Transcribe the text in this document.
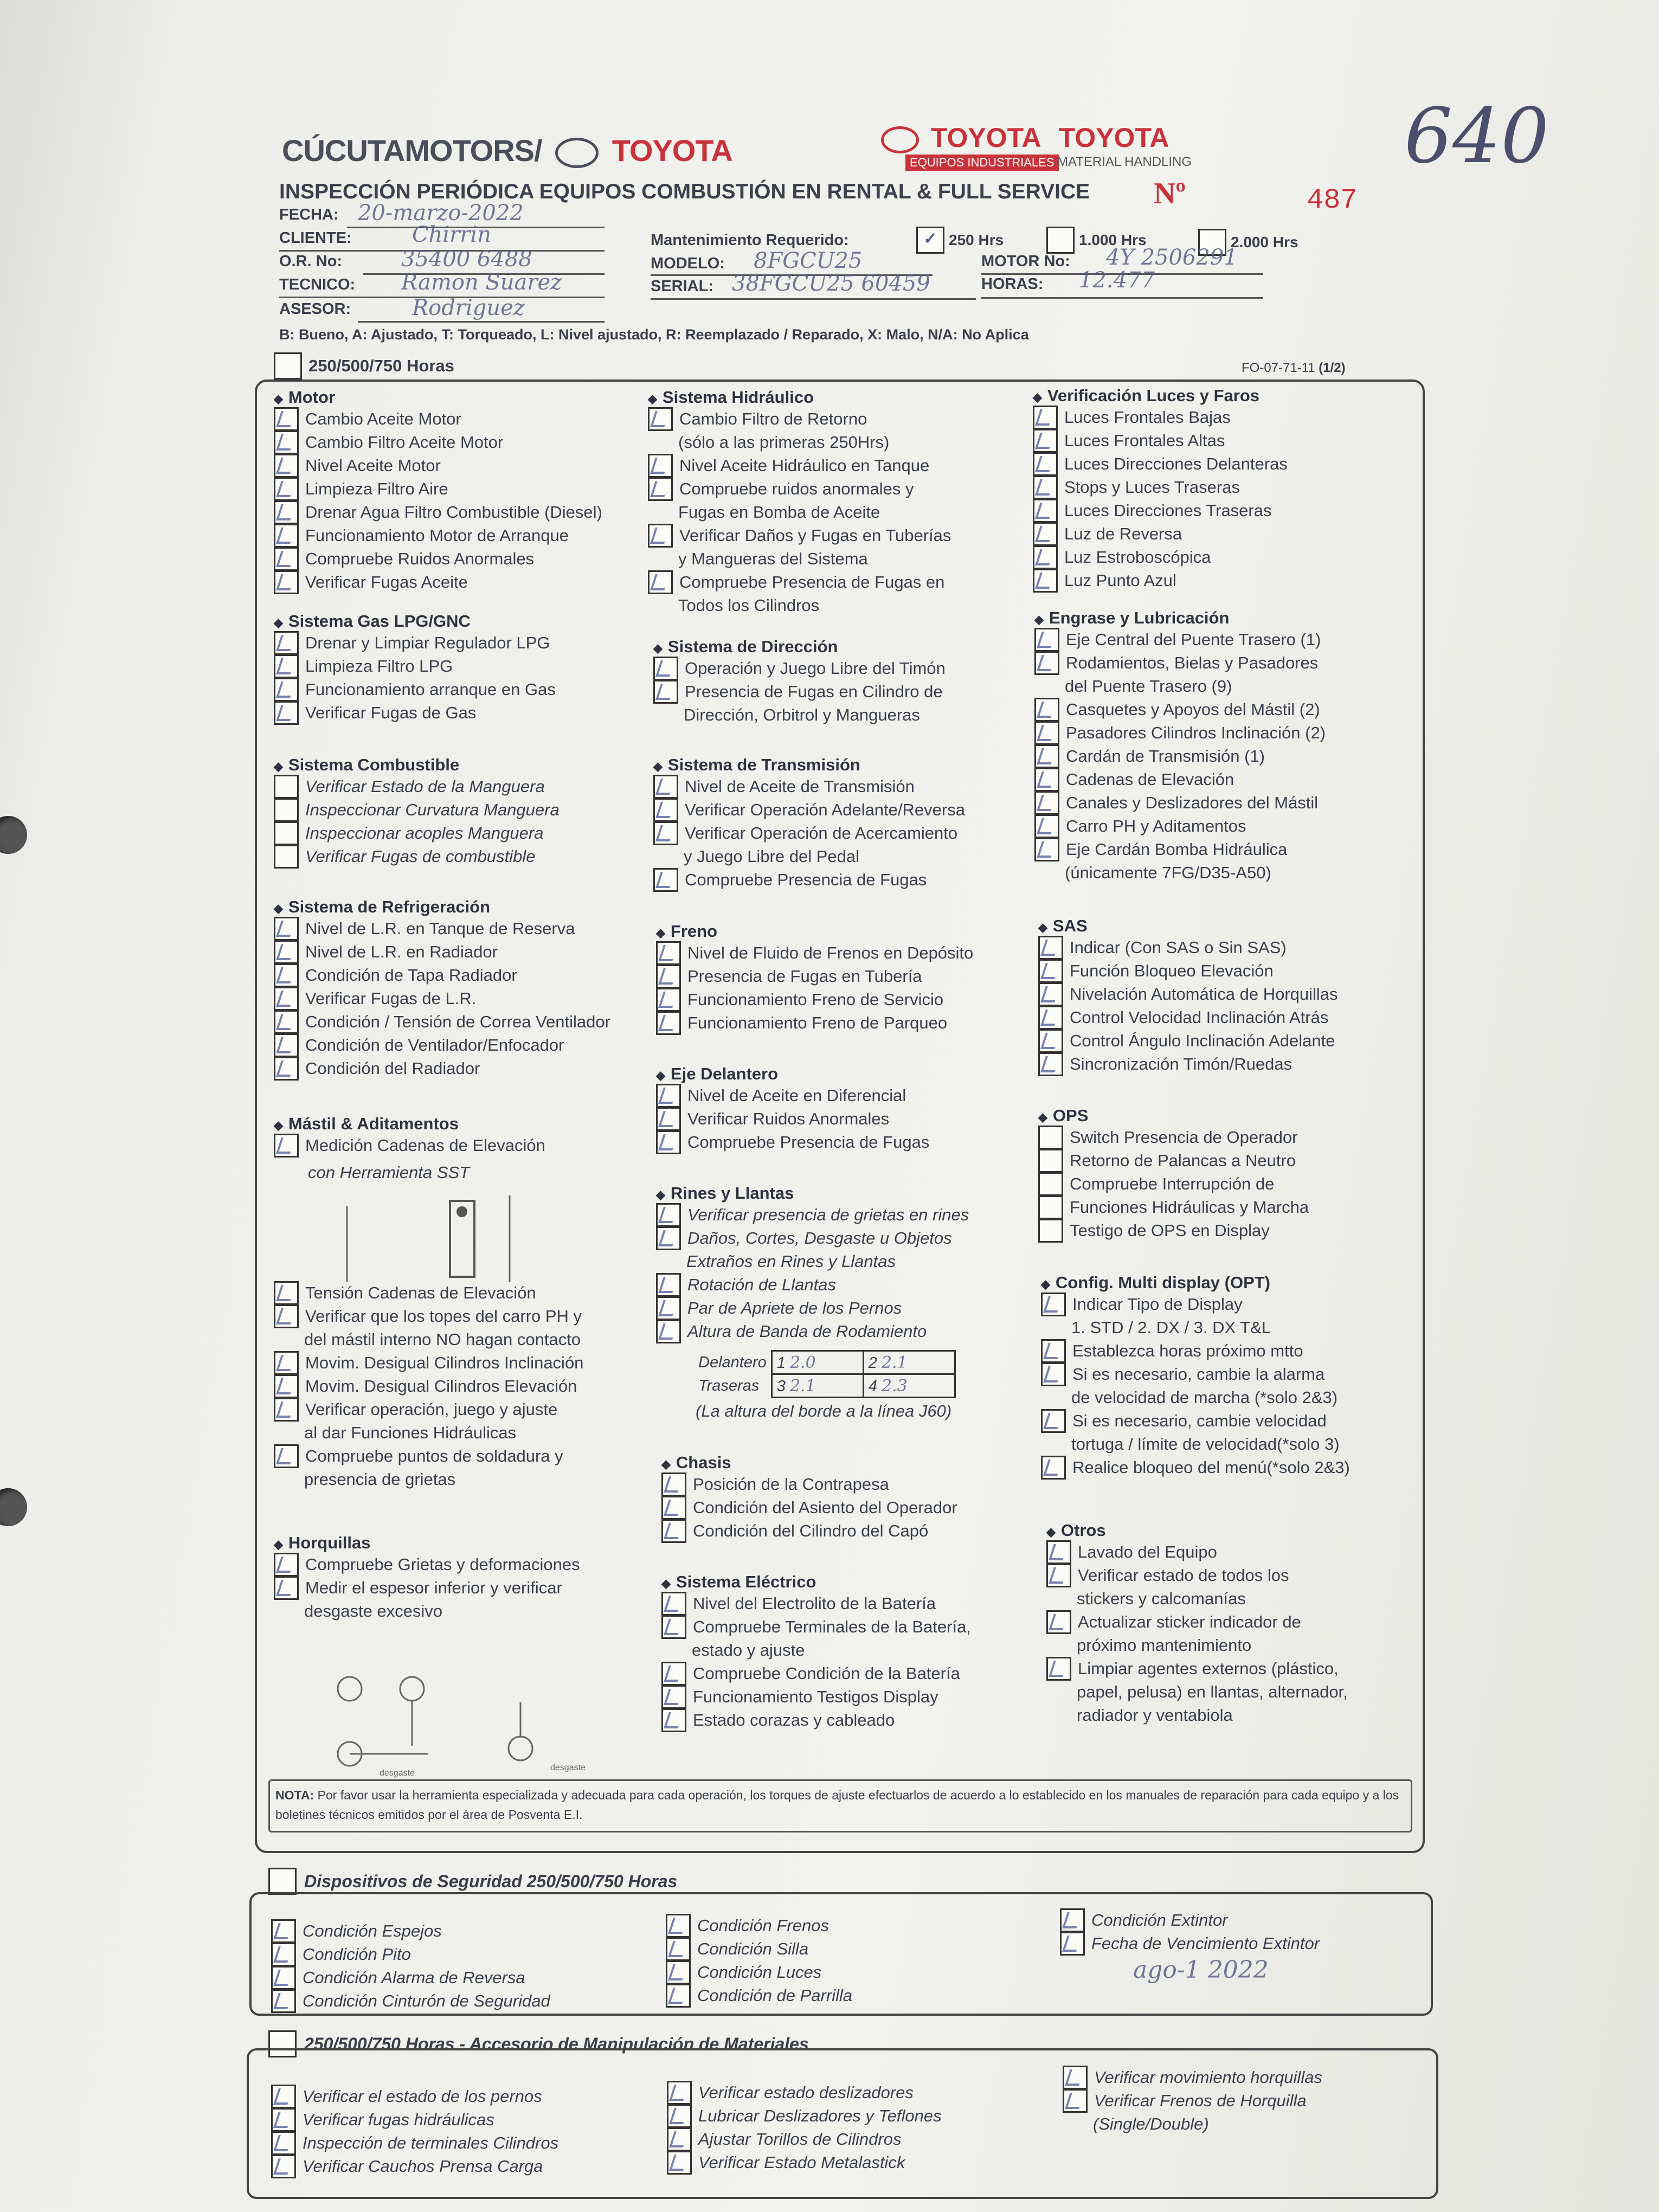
CÚCUTAMOTORS/ TOYOTA	TOYOTA TOYOTA
EQUIPOS INDUSTRIALES MATERIAL HANDLING	640
INSPECCIÓN PERIÓDICA EQUIPOS COMBUSTIÓN EN RENTAL & FULL SERVICE Nº	487
FECHA: 20-marzo-2022
CLIENTE:	Chirrin
O.R. No:	35400 6488
TECNICO: Ramon Suarez
ASESOR:	Rodriguez
Mantenimiento Requerido:	✓ 250 Hrs	1.000 Hrs	2.000 Hrs
MODELO: 8FGCU25	MOTOR No: 4Y 2506291
SERIAL: 38FGCU25 60459	HORAS: 12.477
B: Bueno, A: Ajustado, T: Torqueado, L: Nivel ajustado, R: Reemplazado / Reparado, X: Malo, N/A: No Aplica
250/500/750 Horas	FO-07-71-11 (1/2)
◆ Motor
Cambio Aceite Motor
Cambio Filtro Aceite Motor
Nivel Aceite Motor
Limpieza Filtro Aire
Drenar Agua Filtro Combustible (Diesel)
Funcionamiento Motor de Arranque
Compruebe Ruidos Anormales
Verificar Fugas Aceite
◆ Sistema Gas LPG/GNC
Drenar y Limpiar Regulador LPG
Limpieza Filtro LPG
Funcionamiento arranque en Gas
Verificar Fugas de Gas
◆ Sistema Combustible
Verificar Estado de la Manguera
Inspeccionar Curvatura Manguera
Inspeccionar acoples Manguera
Verificar Fugas de combustible
◆ Sistema de Refrigeración
Nivel de L.R. en Tanque de Reserva
Nivel de L.R. en Radiador
Condición de Tapa Radiador
Verificar Fugas de L.R.
Condición / Tensión de Correa Ventilador
Condición de Ventilador/Enfocador
Condición del Radiador
◆ Mástil & Aditamentos
Medición Cadenas de Elevación
con Herramienta SST
Tensión Cadenas de Elevación
Verificar que los topes del carro PH y
del mástil interno NO hagan contacto
Movim. Desigual Cilindros Inclinación
Movim. Desigual Cilindros Elevación
Verificar operación, juego y ajuste
al dar Funciones Hidráulicas
Compruebe puntos de soldadura y
presencia de grietas
◆ Horquillas
Compruebe Grietas y deformaciones
Medir el espesor inferior y verificar
desgaste excesivo
desgaste
desgaste
◆ Sistema Hidráulico
Cambio Filtro de Retorno
(sólo a las primeras 250Hrs)
Nivel Aceite Hidráulico en Tanque
Compruebe ruidos anormales y
Fugas en Bomba de Aceite
Verificar Daños y Fugas en Tuberías
y Mangueras del Sistema
Compruebe Presencia de Fugas en
Todos los Cilindros
◆ Sistema de Dirección
Operación y Juego Libre del Timón
Presencia de Fugas en Cilindro de
Dirección, Orbitrol y Mangueras
◆ Sistema de Transmisión
Nivel de Aceite de Transmisión
Verificar Operación Adelante/Reversa
Verificar Operación de Acercamiento
y Juego Libre del Pedal
Compruebe Presencia de Fugas
◆ Freno
Nivel de Fluido de Frenos en Depósito
Presencia de Fugas en Tubería
Funcionamiento Freno de Servicio
Funcionamiento Freno de Parqueo
◆ Eje Delantero
Nivel de Aceite en Diferencial
Verificar Ruidos Anormales
Compruebe Presencia de Fugas
◆ Rines y Llantas
Verificar presencia de grietas en rines
Daños, Cortes, Desgaste u Objetos
Extraños en Rines y Llantas
Rotación de Llantas
Par de Apriete de los Pernos
Altura de Banda de Rodamiento
Delantero	1 2.0	2 2.1
Traseras	3 2.1	4 2.3
(La altura del borde a la línea J60)
◆ Chasis
Posición de la Contrapesa
Condición del Asiento del Operador
Condición del Cilindro del Capó
◆ Sistema Eléctrico
Nivel del Electrolito de la Batería
Compruebe Terminales de la Batería,
estado y ajuste
Compruebe Condición de la Batería
Funcionamiento Testigos Display
Estado corazas y cableado
◆ Verificación Luces y Faros
Luces Frontales Bajas
Luces Frontales Altas
Luces Direcciones Delanteras
Stops y Luces Traseras
Luces Direcciones Traseras
Luz de Reversa
Luz Estroboscópica
Luz Punto Azul
◆ Engrase y Lubricación
Eje Central del Puente Trasero (1)
Rodamientos, Bielas y Pasadores
del Puente Trasero (9)
Casquetes y Apoyos del Mástil (2)
Pasadores Cilindros Inclinación (2)
Cardán de Transmisión (1)
Cadenas de Elevación
Canales y Deslizadores del Mástil
Carro PH y Aditamentos
Eje Cardán Bomba Hidráulica
(únicamente 7FG/D35-A50)
◆ SAS
Indicar (Con SAS o Sin SAS)
Función Bloqueo Elevación
Nivelación Automática de Horquillas
Control Velocidad Inclinación Atrás
Control Ángulo Inclinación Adelante
Sincronización Timón/Ruedas
◆ OPS
Switch Presencia de Operador
Retorno de Palancas a Neutro
Compruebe Interrupción de
Funciones Hidráulicas y Marcha
Testigo de OPS en Display
◆ Config. Multi display (OPT)
Indicar Tipo de Display
1. STD / 2. DX / 3. DX T&L
Establezca horas próximo mtto
Si es necesario, cambie la alarma
de velocidad de marcha (*solo 2&3)
Si es necesario, cambie velocidad
tortuga / límite de velocidad(*solo 3)
Realice bloqueo del menú(*solo 2&3)
◆ Otros
Lavado del Equipo
Verificar estado de todos los
stickers y calcomanías
Actualizar sticker indicador de
próximo mantenimiento
Limpiar agentes externos (plástico,
papel, pelusa) en llantas, alternador,
radiador y ventabiola
NOTA: Por favor usar la herramienta especializada y adecuada para cada operación, los torques de ajuste efectuarlos de acuerdo a lo establecido en los manuales de reparación para cada equipo y a los boletines técnicos emitidos por el área de Posventa E.I.
Dispositivos de Seguridad 250/500/750 Horas
Condición Espejos
Condición Pito
Condición Alarma de Reversa
Condición Cinturón de Seguridad
Condición Frenos
Condición Silla
Condición Luces
Condición de Parrilla
Condición Extintor
Fecha de Vencimiento Extintor
ago-1 2022
250/500/750 Horas - Accesorio de Manipulación de Materiales
Verificar el estado de los pernos
Verificar fugas hidráulicas
Inspección de terminales Cilindros
Verificar Cauchos Prensa Carga
Verificar estado deslizadores
Lubricar Deslizadores y Teflones
Ajustar Torillos de Cilindros
Verificar Estado Metalastick
Verificar movimiento horquillas
Verificar Frenos de Horquilla
(Single/Double)
